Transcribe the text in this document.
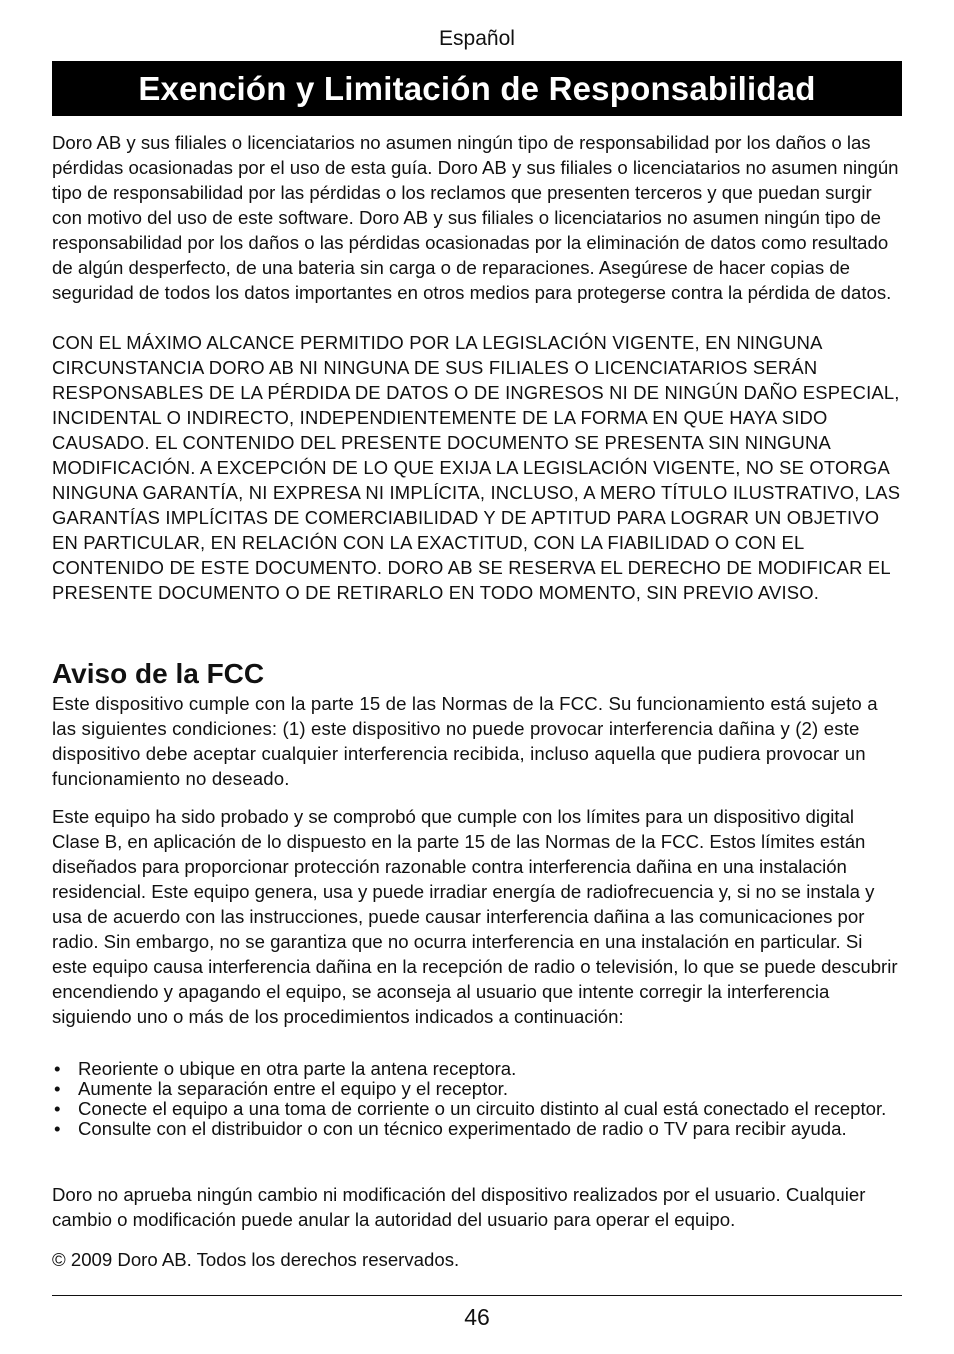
Español
Exención y Limitación de Responsabilidad

Doro AB y sus filiales o licenciatarios no asumen ningún tipo de responsabilidad por los daños o las pérdidas ocasionadas por el uso de esta guía. Doro AB y sus filiales o licenciatarios no asumen ningún tipo de responsabilidad por las pérdidas o los reclamos que presenten terceros y que puedan surgir con motivo del uso de este software. Doro AB y sus filiales o licenciatarios no asumen ningún tipo de responsabilidad por los daños o las pérdidas ocasionadas por la eliminación de datos como resultado de algún desperfecto, de una bateria sin carga o de reparaciones. Asegúrese de hacer copias de seguridad de todos los datos importantes en otros medios para protegerse contra la pérdida de datos.

CON EL MÁXIMO ALCANCE PERMITIDO POR LA LEGISLACIÓN VIGENTE, EN NINGUNA CIRCUNSTANCIA DORO AB NI NINGUNA DE SUS FILIALES O LICENCIATARIOS SERÁN RESPONSABLES DE LA PÉRDIDA DE DATOS O DE INGRESOS NI DE NINGÚN DAÑO ESPECIAL, INCIDENTAL O INDIRECTO, INDEPENDIENTEMENTE DE LA FORMA EN QUE HAYA SIDO CAUSADO. EL CONTENIDO DEL PRESENTE DOCUMENTO SE PRESENTA SIN NINGUNA MODIFICACIÓN. A EXCEPCIÓN DE LO QUE EXIJA LA LEGISLACIÓN VIGENTE, NO SE OTORGA NINGUNA GARANTÍA, NI EXPRESA NI IMPLÍCITA, INCLUSO, A MERO TÍTULO ILUSTRATIVO, LAS GARANTÍAS IMPLÍCITAS DE COMERCIABILIDAD Y DE APTITUD PARA LOGRAR UN OBJETIVO EN PARTICULAR, EN RELACIÓN CON LA EXACTITUD, CON LA FIABILIDAD O CON EL CONTENIDO DE ESTE DOCUMENTO. DORO AB SE RESERVA EL DERECHO DE MODIFICAR EL PRESENTE DOCUMENTO O DE RETIRARLO EN TODO MOMENTO, SIN PREVIO AVISO.

Aviso de la FCC

Este dispositivo cumple con la parte 15 de las Normas de la FCC. Su funcionamiento está sujeto a las siguientes condiciones: (1) este dispositivo no puede provocar interferencia dañina y (2) este dispositivo debe aceptar cualquier interferencia recibida, incluso aquella que pudiera provocar un funcionamiento no deseado.

Este equipo ha sido probado y se comprobó que cumple con los límites para un dispositivo digital Clase B, en aplicación de lo dispuesto en la parte 15 de las Normas de la FCC. Estos límites están diseñados para proporcionar protección razonable contra interferencia dañina en una instalación residencial. Este equipo genera, usa y puede irradiar energía de radiofrecuencia y, si no se instala y usa de acuerdo con las instrucciones, puede causar interferencia dañina a las comunicaciones por radio. Sin embargo, no se garantiza que no ocurra interferencia en una instalación en particular. Si este equipo causa interferencia dañina en la recepción de radio o televisión, lo que se puede descubrir encendiendo y apagando el equipo, se aconseja al usuario que intente corregir la interferencia siguiendo uno o más de los procedimientos indicados a continuación:

• Reoriente o ubique en otra parte la antena receptora.
• Aumente la separación entre el equipo y el receptor.
• Conecte el equipo a una toma de corriente o un circuito distinto al cual está conectado el receptor.
• Consulte con el distribuidor o con un técnico experimentado de radio o TV para recibir ayuda.

Doro no aprueba ningún cambio ni modificación del dispositivo realizados por el usuario. Cualquier cambio o modificación puede anular la autoridad del usuario para operar el equipo.

© 2009 Doro AB. Todos los derechos reservados.

46
